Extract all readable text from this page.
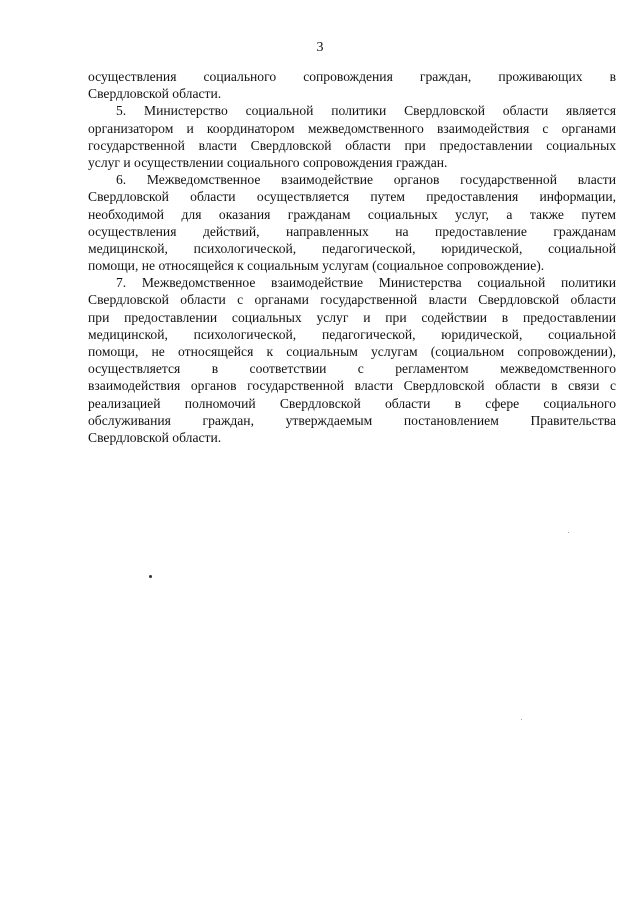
3
осуществления социального сопровождения граждан, проживающих в
Свердловской области.
5. Министерство социальной политики Свердловской области является
организатором и координатором межведомственного взаимодействия с органами
государственной власти Свердловской области при предоставлении социальных
услуг и осуществлении социального сопровождения граждан.
6. Межведомственное взаимодействие органов государственной власти
Свердловской области осуществляется путем предоставления информации,
необходимой для оказания гражданам социальных услуг, а также путем
осуществления действий, направленных на предоставление гражданам
медицинской, психологической, педагогической, юридической, социальной
помощи, не относящейся к социальным услугам (социальное сопровождение).
7. Межведомственное взаимодействие Министерства социальной политики
Свердловской области с органами государственной власти Свердловской области
при предоставлении социальных услуг и при содействии в предоставлении
медицинской, психологической, педагогической, юридической, социальной
помощи, не относящейся к социальным услугам (социальном сопровождении),
осуществляется в соответствии с регламентом межведомственного
взаимодействия органов государственной власти Свердловской области в связи с
реализацией полномочий Свердловской области в сфере социального
обслуживания граждан, утверждаемым постановлением Правительства
Свердловской области.
